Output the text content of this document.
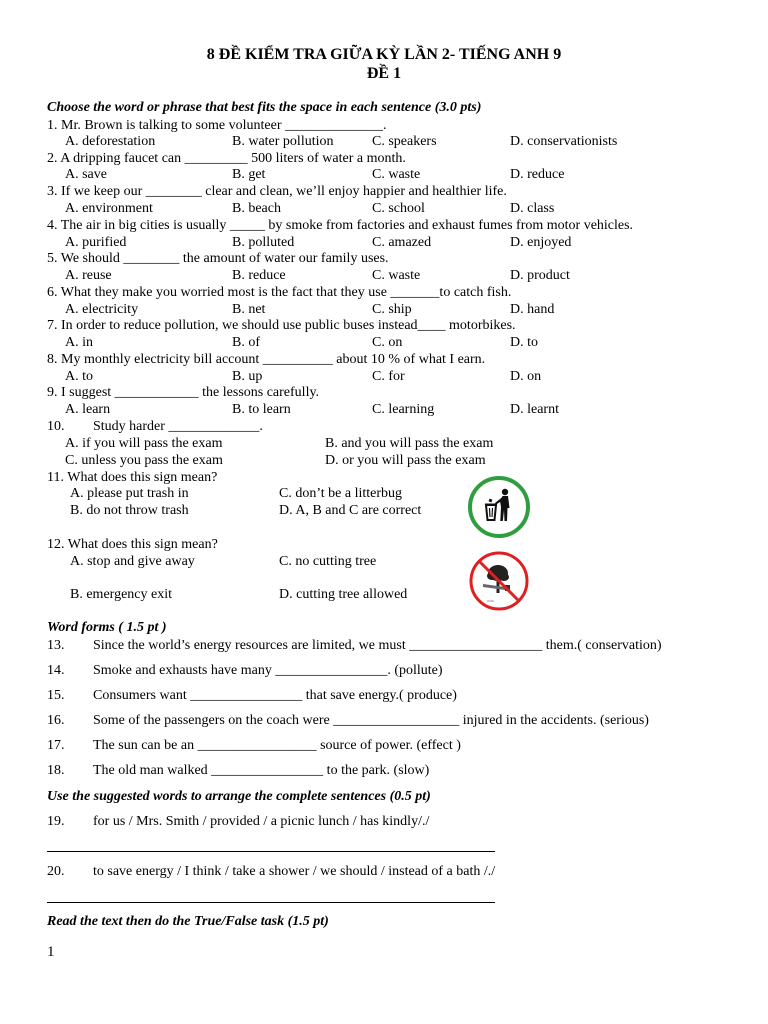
8 ĐỀ KIỂM TRA GIỮA KỲ LẦN 2- TIẾNG ANH 9
ĐỀ 1
Choose the word or phrase that best fits the space in each sentence (3.0 pts)
1. Mr. Brown is talking to some volunteer ______________.
A. deforestation	B. water pollution	C. speakers	D. conservationists
2. A dripping faucet can _________ 500 liters of water a month.
A. save	B. get	C. waste	D. reduce
3. If we keep our ________ clear and clean, we’ll enjoy happier and healthier life.
A. environment	B. beach	C. school	D. class
4. The air in big cities is usually _____ by smoke from factories and exhaust fumes from motor vehicles.
A. purified	B. polluted	C. amazed	D. enjoyed
5. We should ________ the amount of water our family uses.
A. reuse	B. reduce	C. waste	D. product
6. What they make you worried most is the fact that they use _______to catch fish.
A. electricity	B. net	C. ship	D. hand
7. In order to reduce pollution, we should use public buses instead____ motorbikes.
A. in	B. of	C. on	D. to
8. My monthly electricity bill account __________ about 10 % of what I earn.
A. to	B. up	C. for	D. on
9. I suggest ____________ the lessons carefully.
A. learn	B. to learn	C. learning	D. learnt
10. Study harder _____________.
A. if you will pass the exam	B. and you will pass the exam
C. unless you pass the exam	D. or you will pass the exam
11. What does this sign mean?
A. please put trash in	C. don’t be a litterbug
B. do not throw trash	D. A, B and C are correct
12. What does this sign mean?
A. stop and give away	C. no cutting tree
B. emergency exit	D. cutting tree allowed
Word forms ( 1.5 pt )
13. Since the world’s energy resources are limited, we must ___________________ them.( conservation)
14. Smoke and exhausts have many ________________. (pollute)
15. Consumers want ________________ that save energy.( produce)
16. Some of the passengers on the coach were __________________ injured in the accidents. (serious)
17. The sun can be an _________________ source of power. (effect )
18. The old man walked ________________ to the park. (slow)
Use the suggested words to arrange the complete sentences (0.5 pt)
19. for us / Mrs. Smith / provided / a picnic lunch / has kindly/./
20. to save energy / I think / take a shower / we should / instead of a bath /./
Read the text then do the True/False task (1.5 pt)
1
